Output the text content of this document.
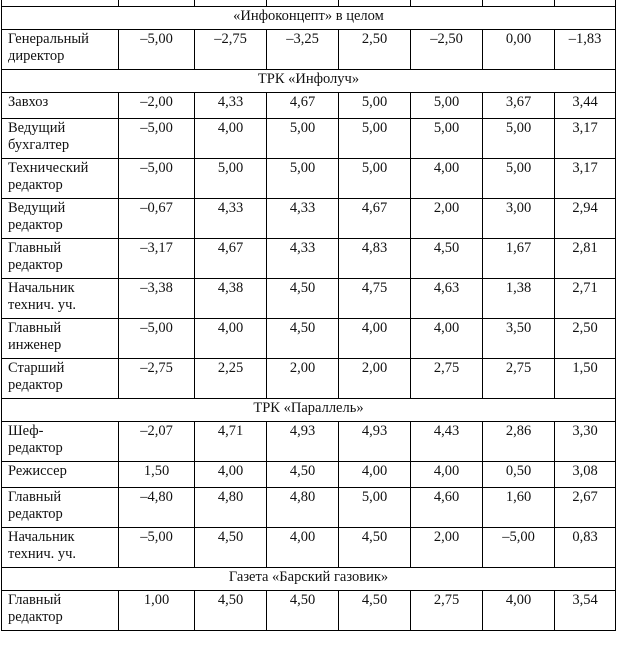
«Инфоконцепт» в целом							

Генеральный
директор	–5,00	–2,75	–3,25	2,50	–2,50	0,00	–1,83
ТРК «Инфолуч»							

Завхоз	–2,00	4,33	4,67	5,00	5,00	3,67	3,44

Ведущий
бухгалтер	–5,00	4,00	5,00	5,00	5,00	5,00	3,17

Технический
редактор	–5,00	5,00	5,00	5,00	4,00	5,00	3,17

Ведущий
редактор	–0,67	4,33	4,33	4,67	2,00	3,00	2,94

Главный
редактор	–3,17	4,67	4,33	4,83	4,50	1,67	2,81

Начальник
технич. уч.	–3,38	4,38	4,50	4,75	4,63	1,38	2,71

Главный
инженер	–5,00	4,00	4,50	4,00	4,00	3,50	2,50

Старший
редактор	–2,75	2,25	2,00	2,00	2,75	2,75	1,50
ТРК «Параллель»							

Шеф-
редактор	–2,07	4,71	4,93	4,93	4,43	2,86	3,30

Режиссер	1,50	4,00	4,50	4,00	4,00	0,50	3,08

Главный
редактор	–4,80	4,80	4,80	5,00	4,60	1,60	2,67

Начальник
технич. уч.	–5,00	4,50	4,00	4,50	2,00	–5,00	0,83
Газета «Барский газовик»							

Главный
редактор	1,00	4,50	4,50	4,50	2,75	4,00	3,54
